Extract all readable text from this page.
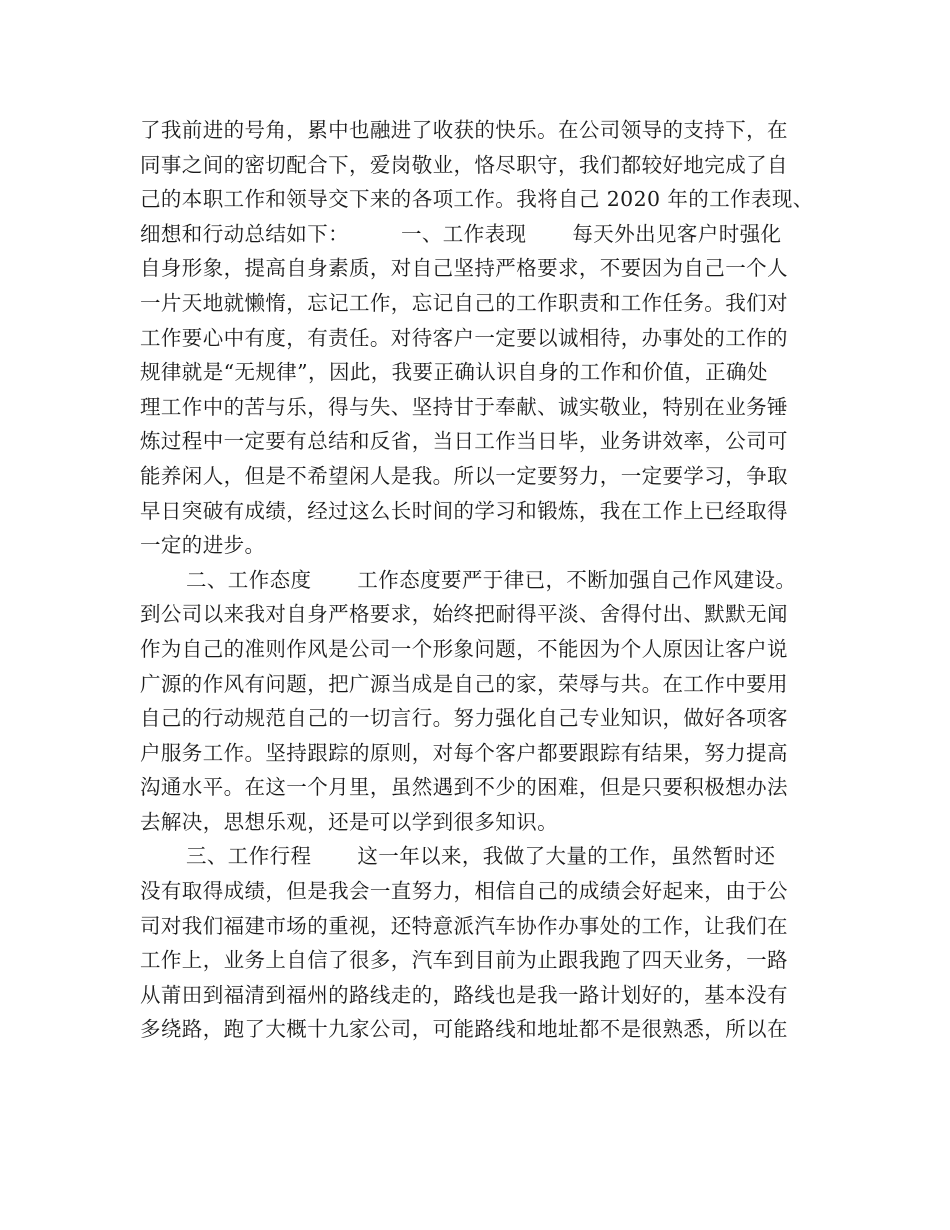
了我前进的号角，累中也融进了收获的快乐。在公司领导的支持下，在
同事之间的密切配合下，爱岗敬业，恪尽职守，我们都较好地完成了自
己的本职工作和领导交下来的各项工作。我将自己 2020 年的工作表现、
细想和行动总结如下：	一、工作表现 每天外出见客户时强化
自身形象，提高自身素质，对自己坚持严格要求，不要因为自己一个人
一片天地就懒惰，忘记工作，忘记自己的工作职责和工作任务。我们对
工作要心中有度，有责任。对待客户一定要以诚相待，办事处的工作的
规律就是“无规律”，因此，我要正确认识自身的工作和价值，正确处
理工作中的苦与乐，得与失、坚持甘于奉献、诚实敬业，特别在业务锤
炼过程中一定要有总结和反省，当日工作当日毕，业务讲效率，公司可
能养闲人，但是不希望闲人是我。所以一定要努力，一定要学习，争取
早日突破有成绩，经过这么长时间的学习和锻炼，我在工作上已经取得
一定的进步。
二、工作态度 工作态度要严于律已，不断加强自己作风建设。
到公司以来我对自身严格要求，始终把耐得平淡、舍得付出、默默无闻
作为自己的准则作风是公司一个形象问题，不能因为个人原因让客户说
广源的作风有问题，把广源当成是自己的家，荣辱与共。在工作中要用
自己的行动规范自己的一切言行。努力强化自己专业知识，做好各项客
户服务工作。坚持跟踪的原则，对每个客户都要跟踪有结果，努力提高
沟通水平。在这一个月里，虽然遇到不少的困难，但是只要积极想办法
去解决，思想乐观，还是可以学到很多知识。
三、工作行程 这一年以来，我做了大量的工作，虽然暂时还
没有取得成绩，但是我会一直努力，相信自己的成绩会好起来，由于公
司对我们福建市场的重视，还特意派汽车协作办事处的工作，让我们在
工作上，业务上自信了很多，汽车到目前为止跟我跑了四天业务，一路
从莆田到福清到福州的路线走的，路线也是我一路计划好的，基本没有
多绕路，跑了大概十九家公司，可能路线和地址都不是很熟悉，所以在
